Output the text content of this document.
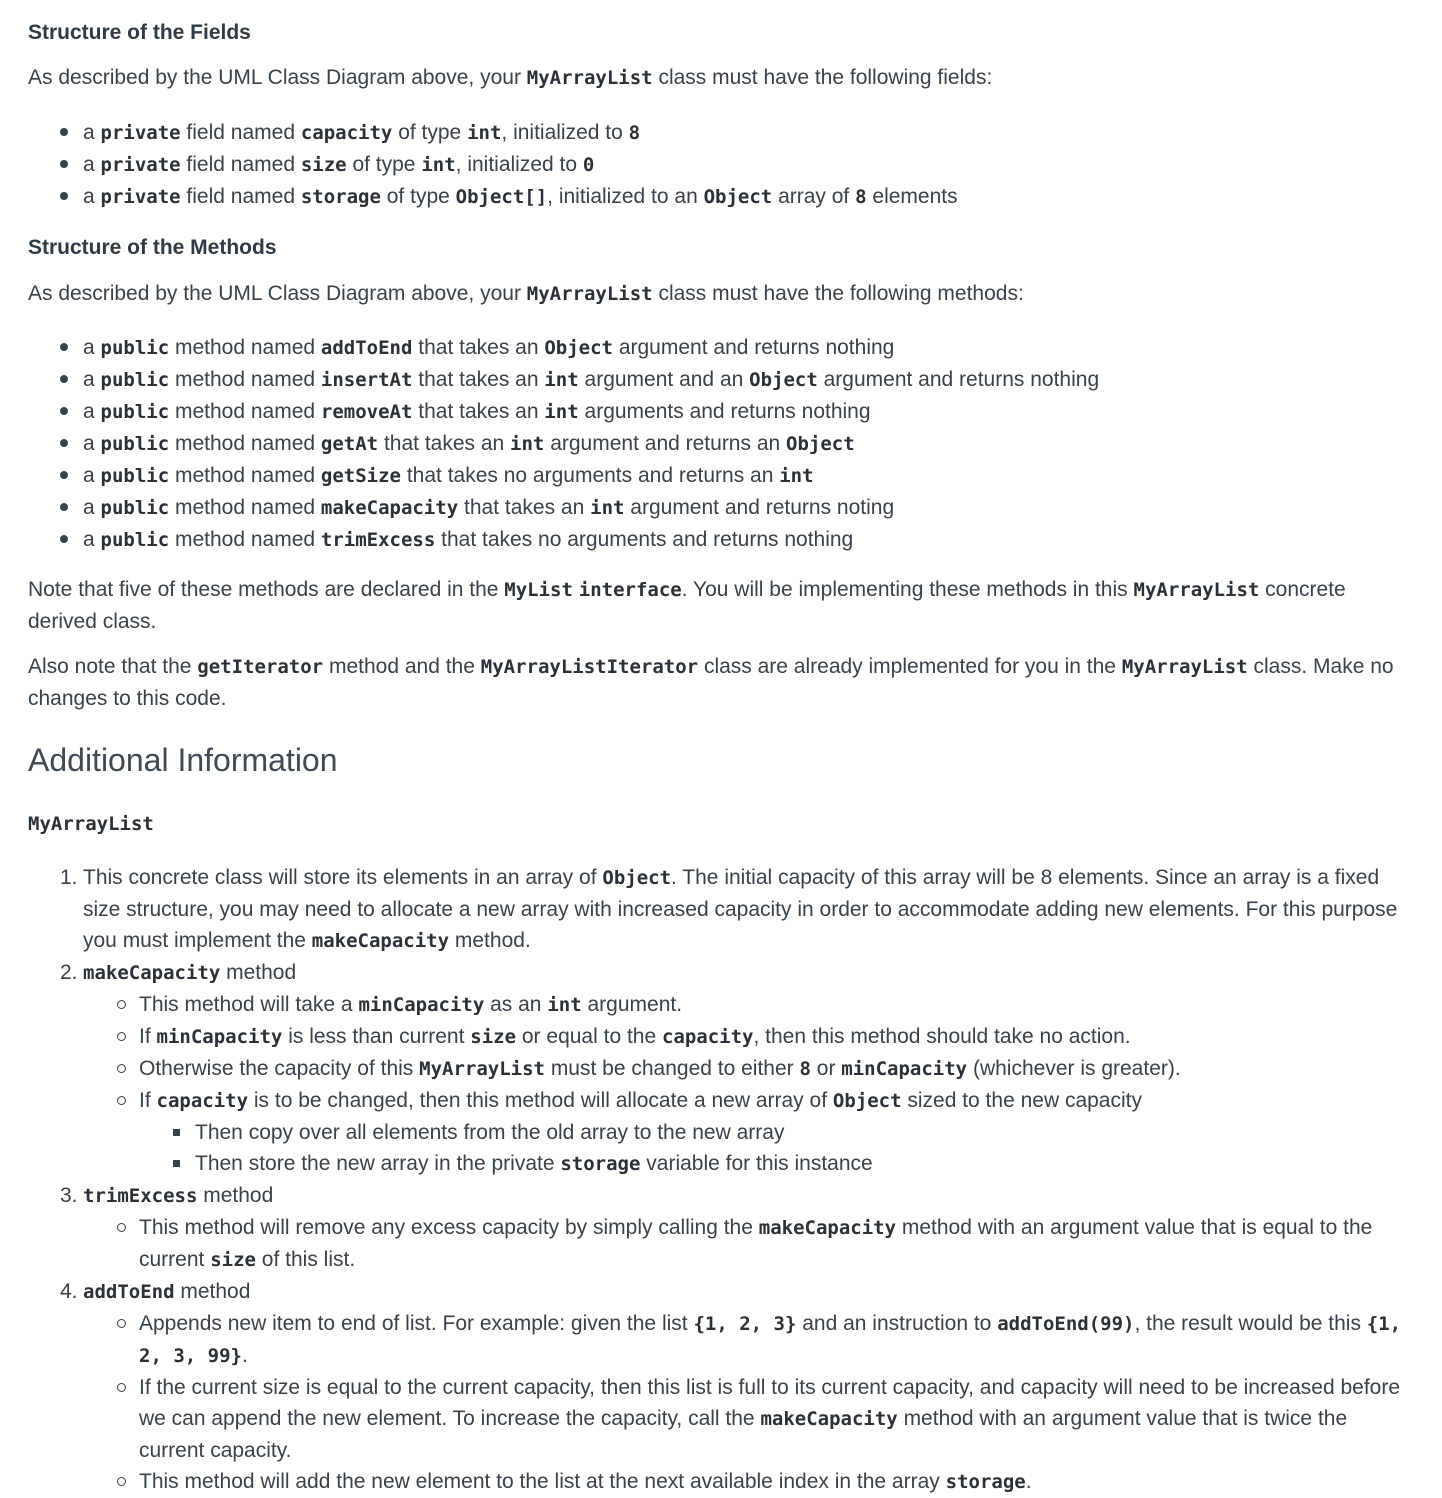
Structure of the Fields

As described by the UML Class Diagram above, your MyArrayList class must have the following fields:

a private field named capacity of type int, initialized to 8
a private field named size of type int, initialized to 0
a private field named storage of type Object[], initialized to an Object array of 8 elements
Structure of the Methods

As described by the UML Class Diagram above, your MyArrayList class must have the following methods:

a public method named addToEnd that takes an Object argument and returns nothing
a public method named insertAt that takes an int argument and an Object argument and returns nothing
a public method named removeAt that takes an int arguments and returns nothing
a public method named getAt that takes an int argument and returns an Object
a public method named getSize that takes no arguments and returns an int
a public method named makeCapacity that takes an int argument and returns noting
a public method named trimExcess that takes no arguments and returns nothing

Note that five of these methods are declared in the MyList interface. You will be implementing these methods in this MyArrayList concrete derived class.

Also note that the getIterator method and the MyArrayListIterator class are already implemented for you in the MyArrayList class. Make no changes to this code.

Additional Information
MyArrayList
1. This concrete class will store its elements in an array of Object. The initial capacity of this array will be 8 elements. Since an array is a fixed size structure, you may need to allocate a new array with increased capacity in order to accommodate adding new elements. For this purpose you must implement the makeCapacity method.
2. makeCapacity method
This method will take a minCapacity as an int argument.
If minCapacity is less than current size or equal to the capacity, then this method should take no action.
Otherwise the capacity of this MyArrayList must be changed to either 8 or minCapacity (whichever is greater).
If capacity is to be changed, then this method will allocate a new array of Object sized to the new capacity
Then copy over all elements from the old array to the new array
Then store the new array in the private storage variable for this instance
3. trimExcess method
This method will remove any excess capacity by simply calling the makeCapacity method with an argument value that is equal to the current size of this list.
4. addToEnd method
Appends new item to end of list. For example: given the list {1, 2, 3} and an instruction to addToEnd(99), the result would be this {1, 2, 3, 99}.
If the current size is equal to the current capacity, then this list is full to its current capacity, and capacity will need to be increased before we can append the new element. To increase the capacity, call the makeCapacity method with an argument value that is twice the current capacity.
This method will add the new element to the list at the next available index in the array storage.
